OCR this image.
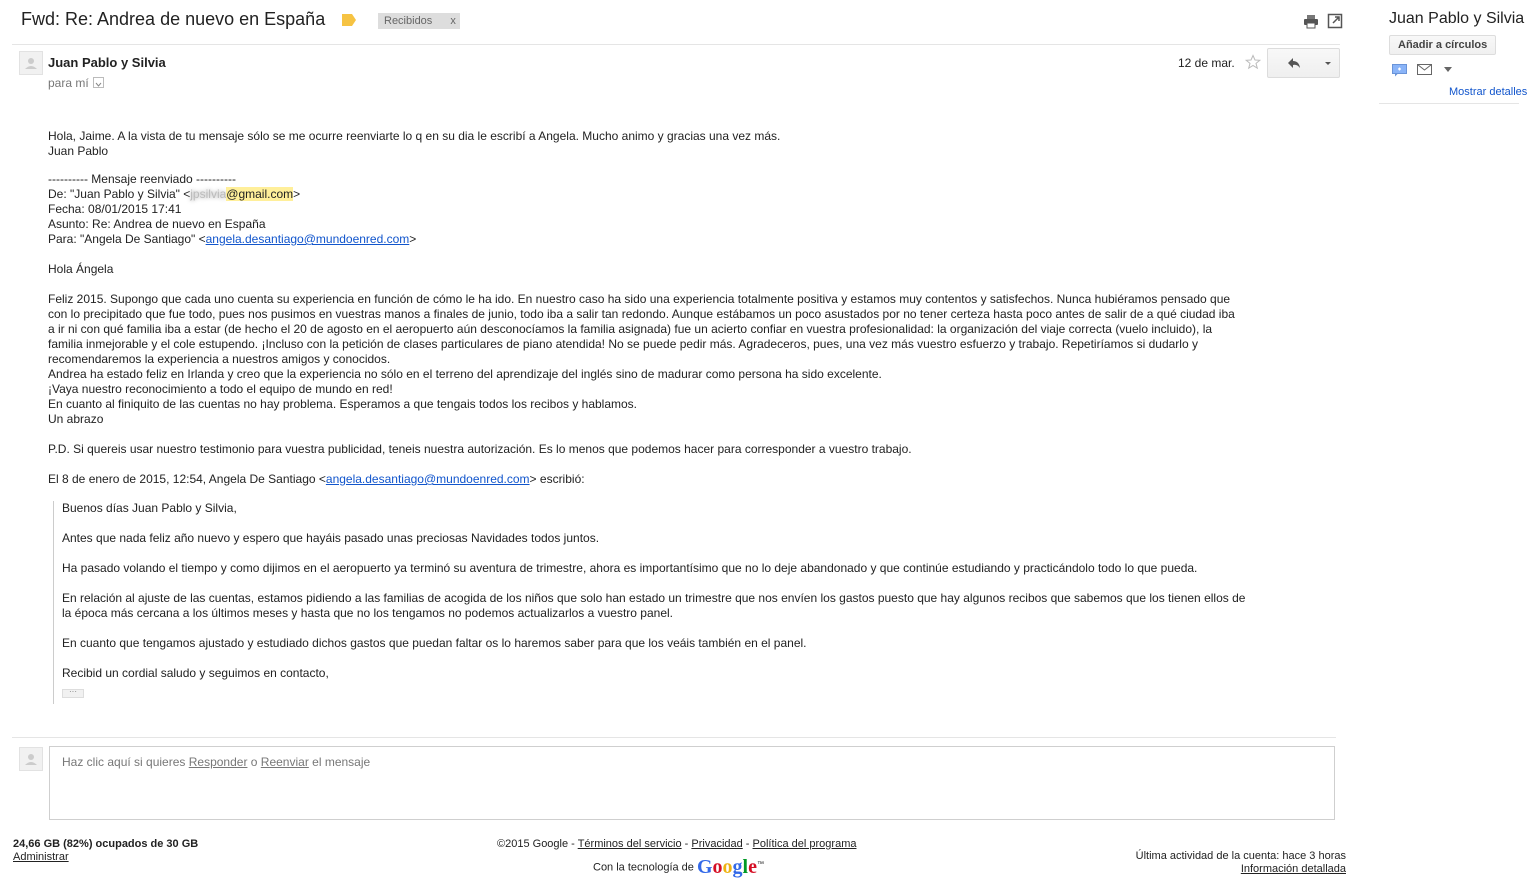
Fwd: Re: Andrea de nuevo en España	Recibidos x
Juan Pablo y Silvia
para mí
12 de mar.

Hola, Jaime. A la vista de tu mensaje sólo se me ocurre reenviarte lo q en su dia le escribí a Angela. Mucho animo y gracias una vez más.

Juan Pablo

---------- Mensaje reenviado ----------

De: "Juan Pablo y Silvia" <jpsilvia@gmail.com>

Fecha: 08/01/2015 17:41

Asunto: Re: Andrea de nuevo en España

Para: "Angela De Santiago" <angela.desantiago@mundoenred.com>

Hola Ángela

Feliz 2015. Supongo que cada uno cuenta su experiencia en función de cómo le ha ido. En nuestro caso ha sido una experiencia totalmente positiva y estamos muy contentos y satisfechos. Nunca hubiéramos pensado que

con lo precipitado que fue todo, pues nos pusimos en vuestras manos a finales de junio, todo iba a salir tan redondo. Aunque estábamos un poco asustados por no tener certeza hasta poco antes de salir de a qué ciudad iba

a ir ni con qué familia iba a estar (de hecho el 20 de agosto en el aeropuerto aún desconocíamos la familia asignada) fue un acierto confiar en vuestra profesionalidad: la organización del viaje correcta (vuelo incluido), la

familia inmejorable y el cole estupendo. ¡Incluso con la petición de clases particulares de piano atendida! No se puede pedir más. Agradeceros, pues, una vez más vuestro esfuerzo y trabajo. Repetiríamos si dudarlo y

recomendaremos la experiencia a nuestros amigos y conocidos.

Andrea ha estado feliz en Irlanda y creo que la experiencia no sólo en el terreno del aprendizaje del inglés sino de madurar como persona ha sido excelente.

¡Vaya nuestro reconocimiento a todo el equipo de mundo en red!

En cuanto al finiquito de las cuentas no hay problema. Esperamos a que tengais todos los recibos y hablamos.

Un abrazo

P.D. Si quereis usar nuestro testimonio para vuestra publicidad, teneis nuestra autorización. Es lo menos que podemos hacer para corresponder a vuestro trabajo.

El 8 de enero de 2015, 12:54, Angela De Santiago <angela.desantiago@mundoenred.com> escribió:

Buenos días Juan Pablo y Silvia,

Antes que nada feliz año nuevo y espero que hayáis pasado unas preciosas Navidades todos juntos.

Ha pasado volando el tiempo y como dijimos en el aeropuerto ya terminó su aventura de trimestre, ahora es importantísimo que no lo deje abandonado y que continúe estudiando y practicándolo todo lo que pueda.

En relación al ajuste de las cuentas, estamos pidiendo a las familias de acogida de los niños que solo han estado un trimestre que nos envíen los gastos puesto que hay algunos recibos que sabemos que los tienen ellos de

la época más cercana a los últimos meses y hasta que no los tengamos no podemos actualizarlos a vuestro panel.

En cuanto que tengamos ajustado y estudiado dichos gastos que puedan faltar os lo haremos saber para que los veáis también en el panel.

Recibid un cordial saludo y seguimos en contacto,

···
Haz clic aquí si quieres Responder o Reenviar el mensaje
24,66 GB (82%) ocupados de 30 GB
Administrar
©2015 Google - Términos del servicio - Privacidad - Política del programa
Con la tecnología de Google™
Última actividad de la cuenta: hace 3 horas
Información detallada
Juan Pablo y Silvia
Añadir a círculos
Mostrar detalles
